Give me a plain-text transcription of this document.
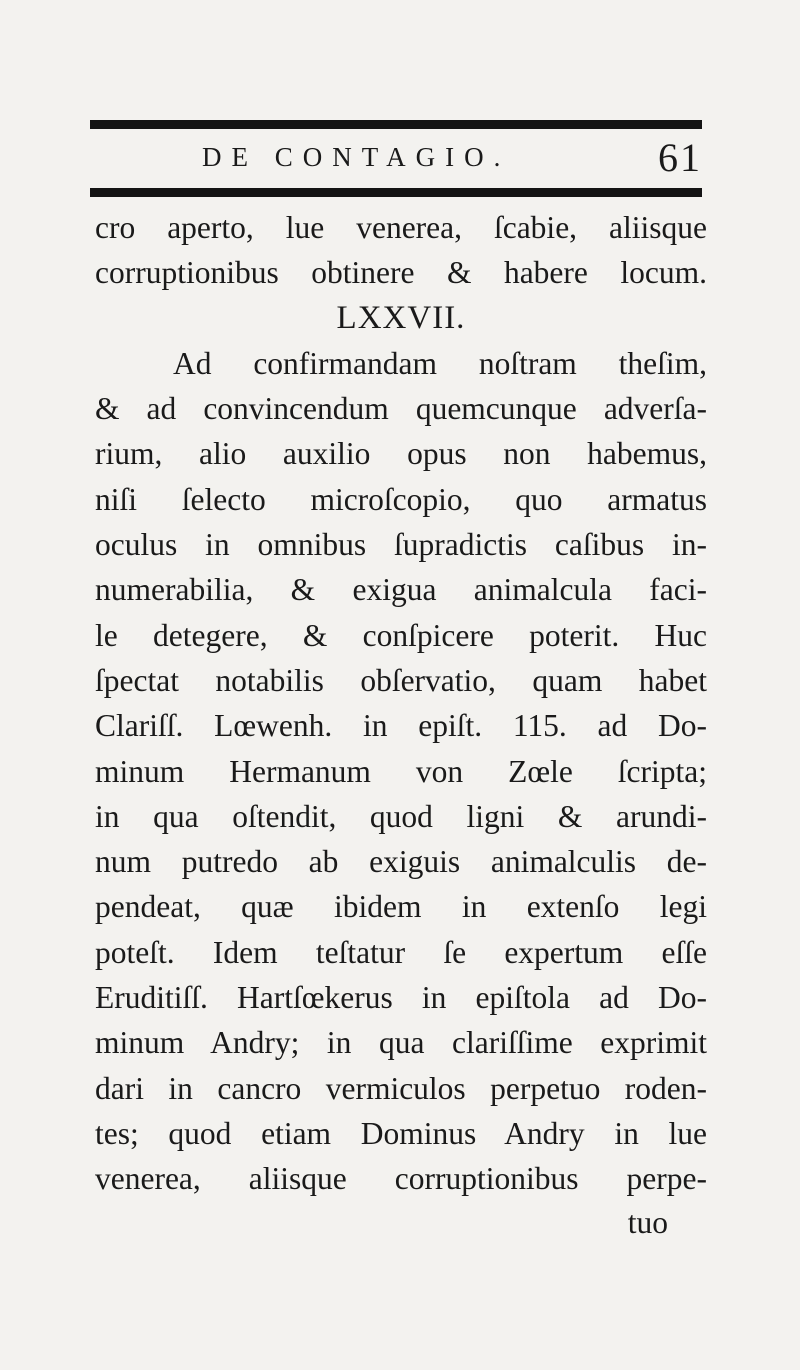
DE CONTAGIO.	61
cro aperto, lue venerea, ſcabie, aliisque
corruptionibus obtinere & habere locum.
LXXVII.
Ad confirmandam noſtram theſim,
& ad convincendum quemcunque adverſa-
rium, alio auxilio opus non habemus,
niſi ſelecto microſcopio, quo armatus
oculus in omnibus ſupradictis caſibus in-
numerabilia, & exigua animalcula faci-
le detegere, & conſpicere poterit. Huc
ſpectat notabilis obſervatio, quam habet
Clariſſ. Lœwenh. in epiſt. 115. ad Do-
minum Hermanum von Zœle ſcripta;
in qua oſtendit, quod ligni & arundi-
num putredo ab exiguis animalculis de-
pendeat, quæ ibidem in extenſo legi
poteſt. Idem teſtatur ſe expertum eſſe
Eruditiſſ. Hartſœkerus in epiſtola ad Do-
minum Andry; in qua clariſſime exprimit
dari in cancro vermiculos perpetuo roden-
tes; quod etiam Dominus Andry in lue
venerea, aliisque corruptionibus perpe-
tuo
